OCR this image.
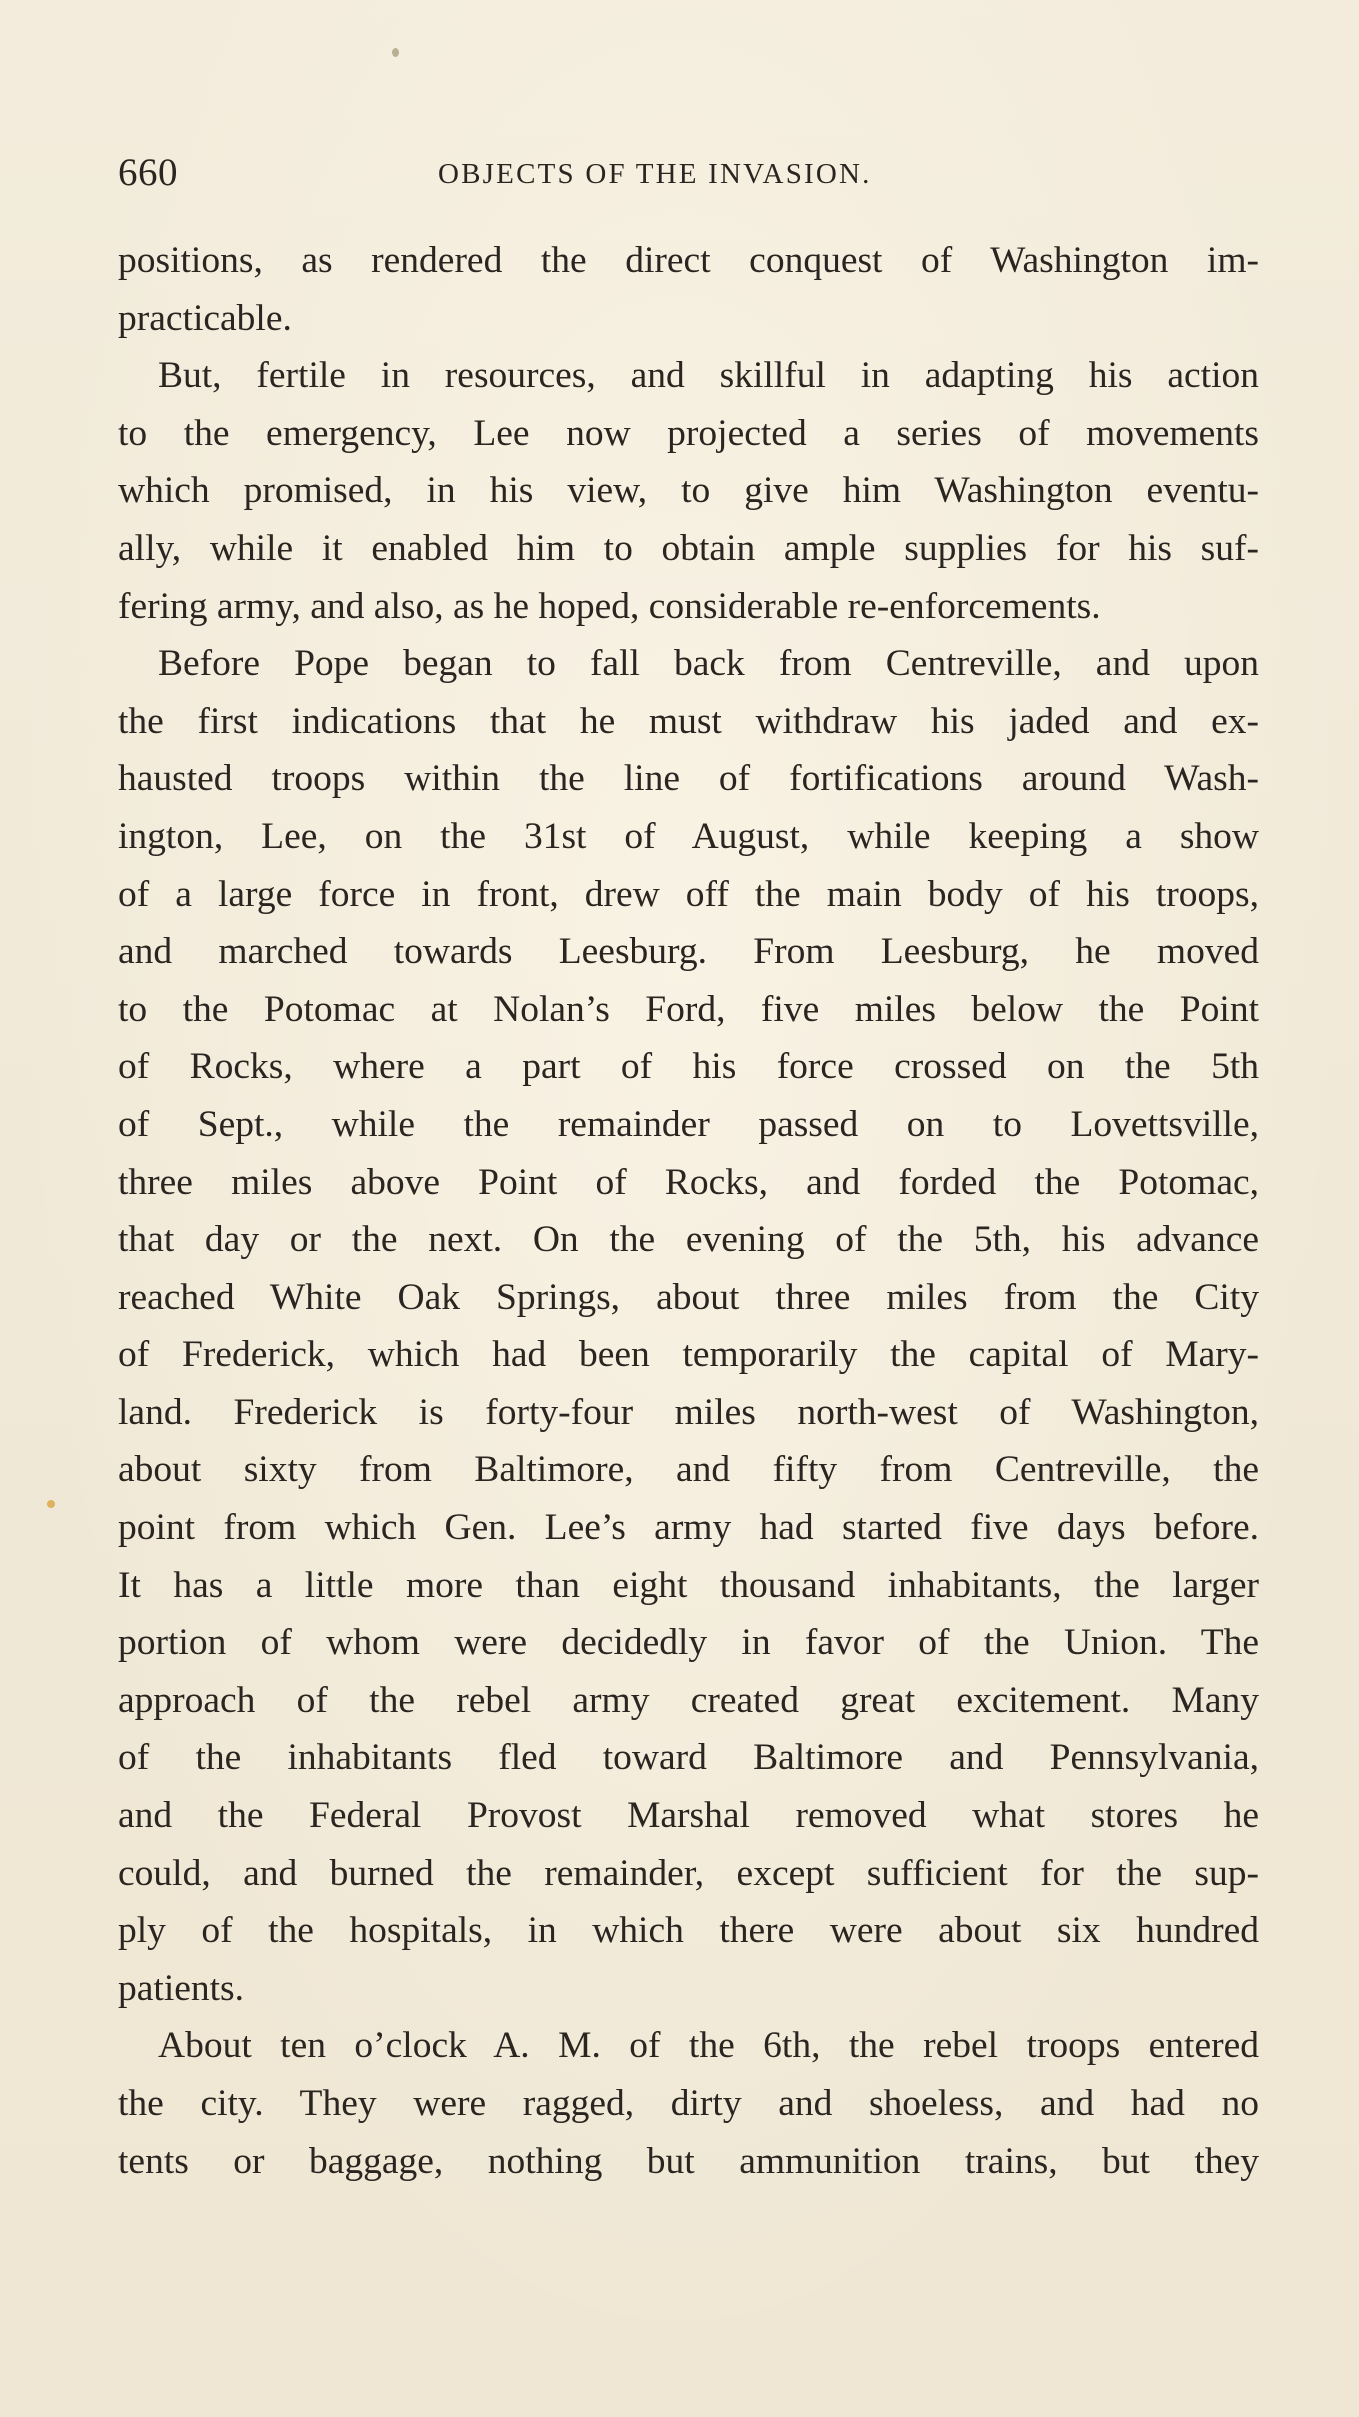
660	OBJECTS OF THE INVASION.
positions, as rendered the direct conquest of Washington im-
practicable.
But, fertile in resources, and skillful in adapting his action
to the emergency, Lee now projected a series of movements
which promised, in his view, to give him Washington eventu-
ally, while it enabled him to obtain ample supplies for his suf-
fering army, and also, as he hoped, considerable re-enforcements.
Before Pope began to fall back from Centreville, and upon
the first indications that he must withdraw his jaded and ex-
hausted troops within the line of fortifications around Wash-
ington, Lee, on the 31st of August, while keeping a show
of a large force in front, drew off the main body of his troops,
and marched towards Leesburg. From Leesburg, he moved
to the Potomac at Nolan’s Ford, five miles below the Point
of Rocks, where a part of his force crossed on the 5th
of Sept., while the remainder passed on to Lovettsville,
three miles above Point of Rocks, and forded the Potomac,
that day or the next. On the evening of the 5th, his advance
reached White Oak Springs, about three miles from the City
of Frederick, which had been temporarily the capital of Mary-
land. Frederick is forty-four miles north-west of Washington,
about sixty from Baltimore, and fifty from Centreville, the
point from which Gen. Lee’s army had started five days before.
It has a little more than eight thousand inhabitants, the larger
portion of whom were decidedly in favor of the Union. The
approach of the rebel army created great excitement. Many
of the inhabitants fled toward Baltimore and Pennsylvania,
and the Federal Provost Marshal removed what stores he
could, and burned the remainder, except sufficient for the sup-
ply of the hospitals, in which there were about six hundred
patients.
About ten o’clock A. M. of the 6th, the rebel troops entered
the city. They were ragged, dirty and shoeless, and had no
tents or baggage, nothing but ammunition trains, but they
